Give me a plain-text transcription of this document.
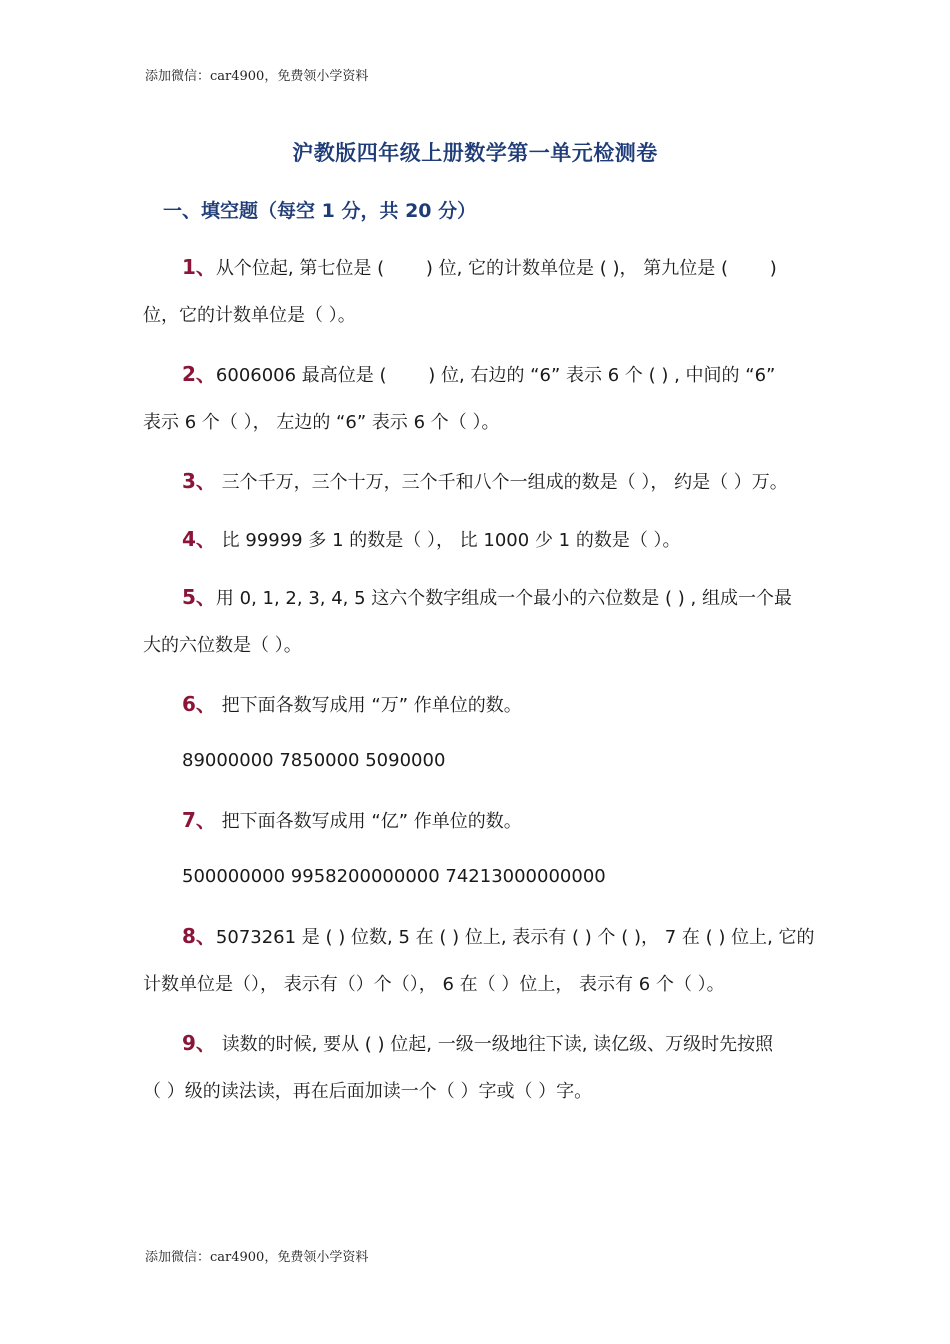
添加微信：car4900，免费领小学资料
沪教版四年级上册数学第一单元检测卷
一、填空题（每空 1 分，共 20 分）
1、从个位起, 第七位是 (　　 ) 位, 它的计数单位是 ( )， 第九位是 (　　 )
位，它的计数单位是（ ）。
2、6006006 最高位是 (　　 ) 位, 右边的 “6” 表示 6 个 ( ) , 中间的 “6”
表示 6 个（ ）， 左边的 “6” 表示 6 个（ ）。
3、 三个千万，三个十万，三个千和八个一组成的数是（ ）， 约是（ ）万。
4、 比 99999 多 1 的数是（ ）， 比 1000 少 1 的数是（ ）。
5、用 0, 1, 2, 3, 4, 5 这六个数字组成一个最小的六位数是 ( ) , 组成一个最
大的六位数是（ ）。
6、 把下面各数写成用 “万” 作单位的数。
89000000 7850000 5090000
7、 把下面各数写成用 “亿” 作单位的数。
500000000 9958200000000 74213000000000
8、5073261 是 ( ) 位数, 5 在 ( ) 位上, 表示有 ( ) 个 ( )， 7 在 ( ) 位上, 它的
计数单位是（）， 表示有（）个（）， 6 在（ ）位上， 表示有 6 个（ ）。
9、 读数的时候, 要从 ( ) 位起, 一级一级地往下读, 读亿级、万级时先按照
（ ）级的读法读，再在后面加读一个（ ）字或（ ）字。
添加微信：car4900，免费领小学资料
